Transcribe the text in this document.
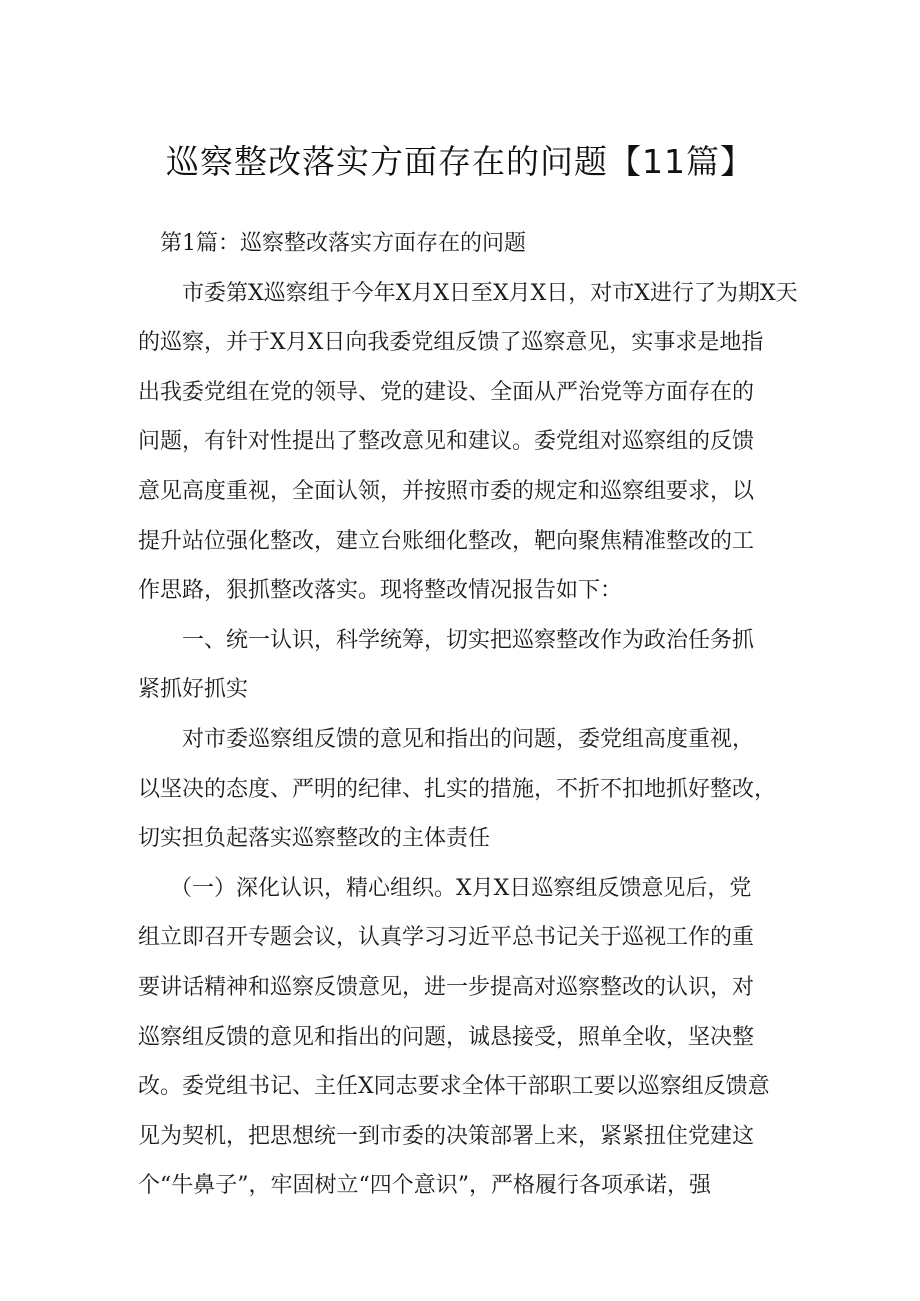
巡察整改落实方面存在的问题【11篇】
第1篇：巡察整改落实方面存在的问题
市委第X巡察组于今年X月X日至X月X日，对市X进行了为期X天
的巡察，并于X月X日向我委党组反馈了巡察意见，实事求是地指
出我委党组在党的领导、党的建设、全面从严治党等方面存在的
问题，有针对性提出了整改意见和建议。委党组对巡察组的反馈
意见高度重视，全面认领，并按照市委的规定和巡察组要求，以
提升站位强化整改，建立台账细化整改，靶向聚焦精准整改的工
作思路，狠抓整改落实。现将整改情况报告如下：
一、统一认识，科学统筹，切实把巡察整改作为政治任务抓
紧抓好抓实
对市委巡察组反馈的意见和指出的问题，委党组高度重视，
以坚决的态度、严明的纪律、扎实的措施，不折不扣地抓好整改，
切实担负起落实巡察整改的主体责任
（一）深化认识，精心组织。X月X日巡察组反馈意见后，党
组立即召开专题会议，认真学习习近平总书记关于巡视工作的重
要讲话精神和巡察反馈意见，进一步提高对巡察整改的认识，对
巡察组反馈的意见和指出的问题，诚恳接受，照单全收，坚决整
改。委党组书记、主任X同志要求全体干部职工要以巡察组反馈意
见为契机，把思想统一到市委的决策部署上来，紧紧扭住党建这
个“牛鼻子”，牢固树立“四个意识”，严格履行各项承诺，强
